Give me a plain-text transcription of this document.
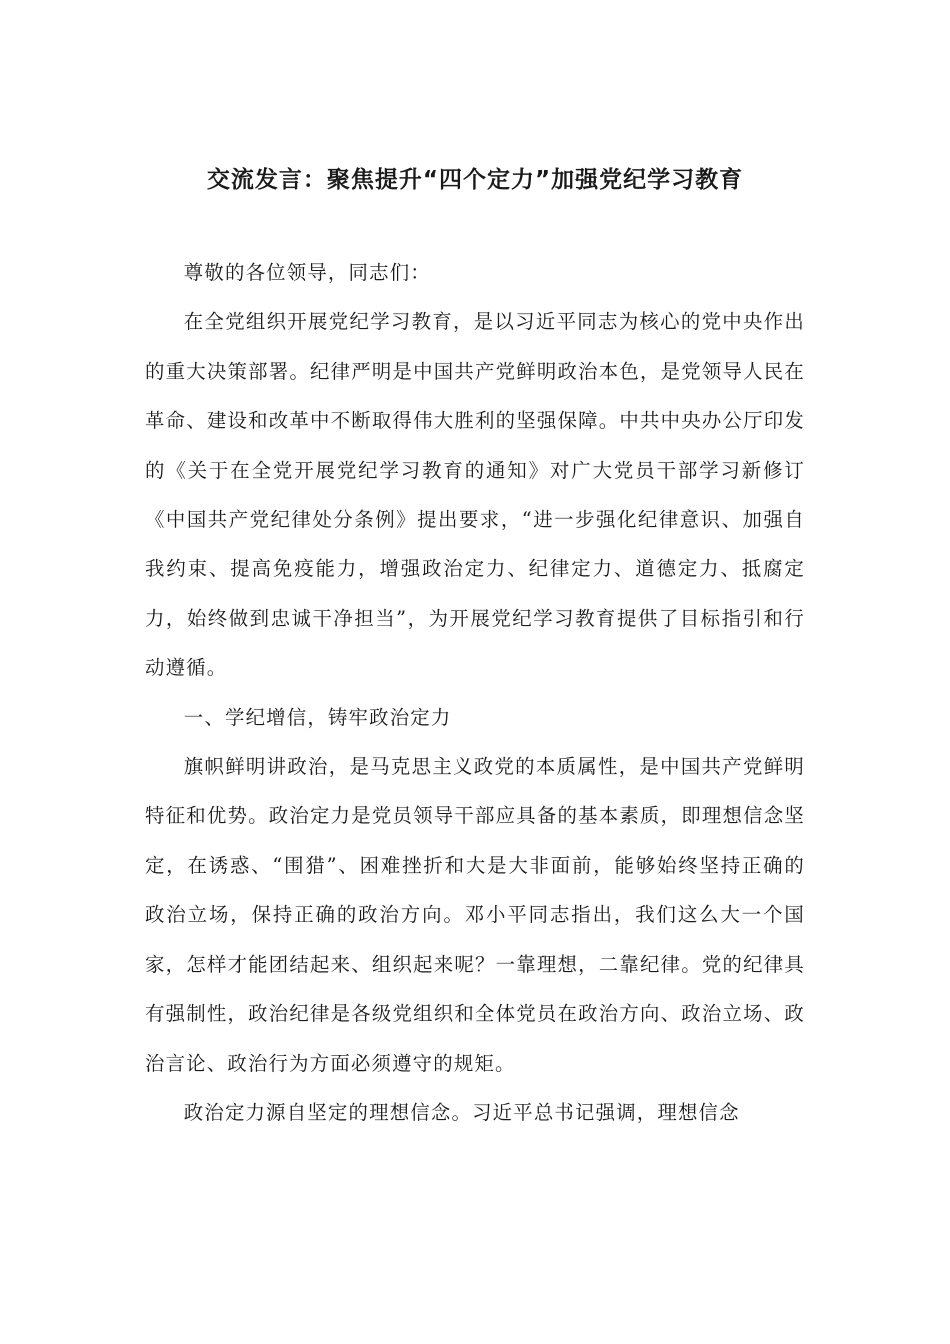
交流发言：聚焦提升“四个定力”加强党纪学习教育

尊敬的各位领导，同志们：

在全党组织开展党纪学习教育，是以习近平同志为核心的党中央作出的重大决策部署。纪律严明是中国共产党鲜明政治本色，是党领导人民在革命、建设和改革中不断取得伟大胜利的坚强保障。中共中央办公厅印发的《关于在全党开展党纪学习教育的通知》对广大党员干部学习新修订《中国共产党纪律处分条例》提出要求，“进一步强化纪律意识、加强自我约束、提高免疫能力，增强政治定力、纪律定力、道德定力、抵腐定力，始终做到忠诚干净担当”，为开展党纪学习教育提供了目标指引和行动遵循。

一、学纪增信，铸牢政治定力

旗帜鲜明讲政治，是马克思主义政党的本质属性，是中国共产党鲜明特征和优势。政治定力是党员领导干部应具备的基本素质，即理想信念坚定，在诱惑、“围猎”、困难挫折和大是大非面前，能够始终坚持正确的政治立场，保持正确的政治方向。邓小平同志指出，我们这么大一个国家，怎样才能团结起来、组织起来呢？一靠理想，二靠纪律。党的纪律具有强制性，政治纪律是各级党组织和全体党员在政治方向、政治立场、政治言论、政治行为方面必须遵守的规矩。

政治定力源自坚定的理想信念。习近平总书记强调，理想信念
